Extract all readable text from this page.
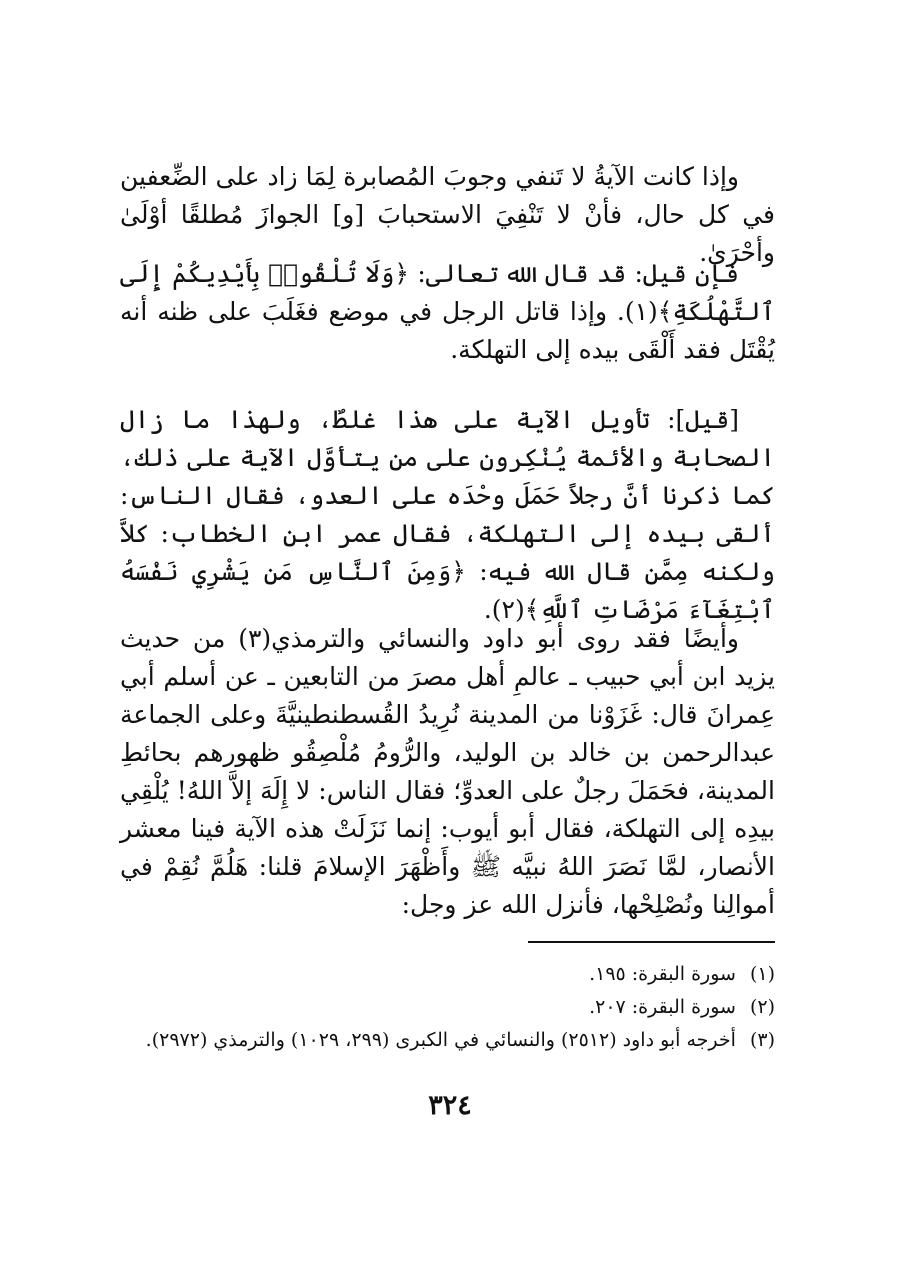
وإذا كانت الآيةُ لا تَنفي وجوبَ المُصابرة لِمَا زاد على الضِّعفين في كل حال، فأنْ لا تَنْفِيَ الاستحبابَ [و] الجوازَ مُطلقًا أوْلَىٰ وأحْرَىٰ.

فإن قيل: قد قال الله تعالى: ﴿وَلَا تُلْقُوا۟ بِأَيْدِيكُمْ إِلَى ٱلتَّهْلُكَةِ﴾(١). وإذا قاتل الرجل في موضع فغَلَبَ على ظنه أنه يُقْتَل فقد أَلْقَى بيده إلى التهلكة.

[قيل]: تأويل الآية على هذا غلطٌ، ولهذا ما زال الصحابة والأئمة يُنْكِرون على من يتأوَّل الآية على ذلك، كما ذكرنا أنَّ رجلاً حَمَلَ وحْدَه على العدو، فقال الناس: ألقى بيده إلى التهلكة، فقال عمر ابن الخطاب: كلاَّ ولكنه مِمَّن قال الله فيه: ﴿وَمِنَ ٱلنَّاسِ مَن يَشْرِي نَفْسَهُ ٱبْتِغَآءَ مَرْضَاتِ ٱللَّهِ﴾(٢).

وأيضًا فقد روى أبو داود والنسائي والترمذي(٣) من حديث يزيد ابن أبي حبيب ـ عالمِ أهل مصرَ من التابعين ـ عن أسلم أبي عِمرانَ قال: غَزَوْنا من المدينة نُرِيدُ القُسطنطينيَّةَ وعلى الجماعة عبدالرحمن بن خالد بن الوليد، والرُّومُ مُلْصِقُو ظهورهم بحائطِ المدينة، فحَمَلَ رجلٌ على العدوِّ؛ فقال الناس: لا إِلَهَ إلاَّ اللهُ! يُلْقِي بيدِه إلى التهلكة، فقال أبو أيوب: إنما نَزَلَتْ هذه الآية فينا معشر الأنصار، لمَّا نَصَرَ اللهُ نبيَّه ﷺ وأَظْهَرَ الإسلامَ قلنا: هَلُمَّ نُقِمْ في أموالِنا ونُصْلِحْها، فأنزل الله عز وجل:

(١)
سورة البقرة: ١٩٥.
(٢)
سورة البقرة: ٢٠٧.
(٣)
أخرجه أبو داود (٢٥١٢) والنسائي في الكبرى (٢٩٩، ١٠٢٩) والترمذي (٢٩٧٢).
٣٢٤
